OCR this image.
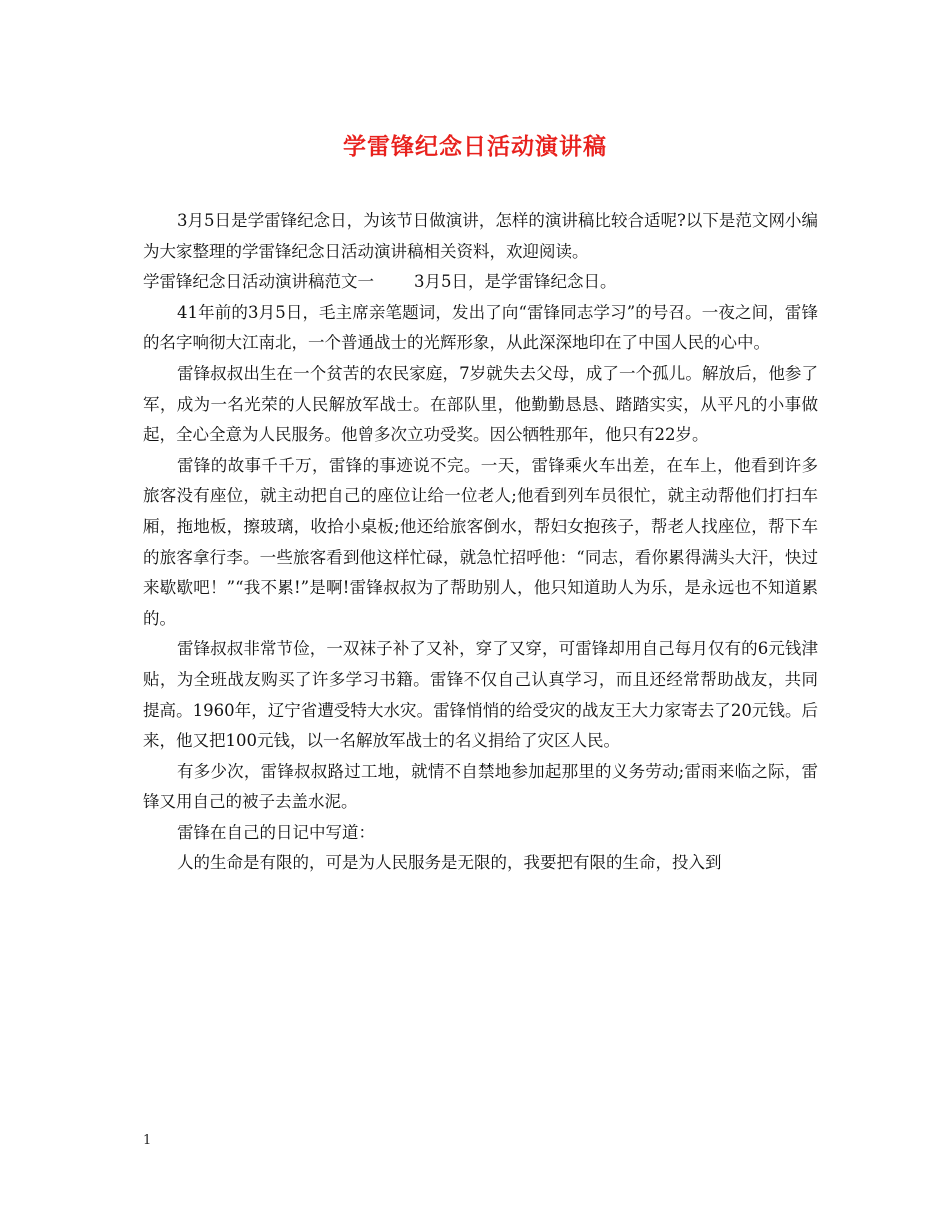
学雷锋纪念日活动演讲稿

3月5日是学雷锋纪念日，为该节日做演讲，怎样的演讲稿比较合适呢?以下是范文网小编为大家整理的学雷锋纪念日活动演讲稿相关资料，欢迎阅读。

学雷锋纪念日活动演讲稿范文一 3月5日，是学雷锋纪念日。

41年前的3月5日，毛主席亲笔题词，发出了向“雷锋同志学习”的号召。一夜之间，雷锋的名字响彻大江南北，一个普通战士的光辉形象，从此深深地印在了中国人民的心中。

雷锋叔叔出生在一个贫苦的农民家庭，7岁就失去父母，成了一个孤儿。解放后，他参了军，成为一名光荣的人民解放军战士。在部队里，他勤勤恳恳、踏踏实实，从平凡的小事做起，全心全意为人民服务。他曾多次立功受奖。因公牺牲那年，他只有22岁。

雷锋的故事千千万，雷锋的事迹说不完。一天，雷锋乘火车出差，在车上，他看到许多旅客没有座位，就主动把自己的座位让给一位老人;他看到列车员很忙，就主动帮他们打扫车厢，拖地板，擦玻璃，收拾小桌板;他还给旅客倒水，帮妇女抱孩子，帮老人找座位，帮下车的旅客拿行李。一些旅客看到他这样忙碌，就急忙招呼他：“同志，看你累得满头大汗，快过来歇歇吧！”“我不累!”是啊!雷锋叔叔为了帮助别人，他只知道助人为乐，是永远也不知道累的。

雷锋叔叔非常节俭，一双袜子补了又补，穿了又穿，可雷锋却用自己每月仅有的6元钱津贴，为全班战友购买了许多学习书籍。雷锋不仅自己认真学习，而且还经常帮助战友，共同提高。1960年，辽宁省遭受特大水灾。雷锋悄悄的给受灾的战友王大力家寄去了20元钱。后来，他又把100元钱，以一名解放军战士的名义捐给了灾区人民。

有多少次，雷锋叔叔路过工地，就情不自禁地参加起那里的义务劳动;雷雨来临之际，雷锋又用自己的被子去盖水泥。

雷锋在自己的日记中写道：

人的生命是有限的，可是为人民服务是无限的，我要把有限的生命，投入到

1
